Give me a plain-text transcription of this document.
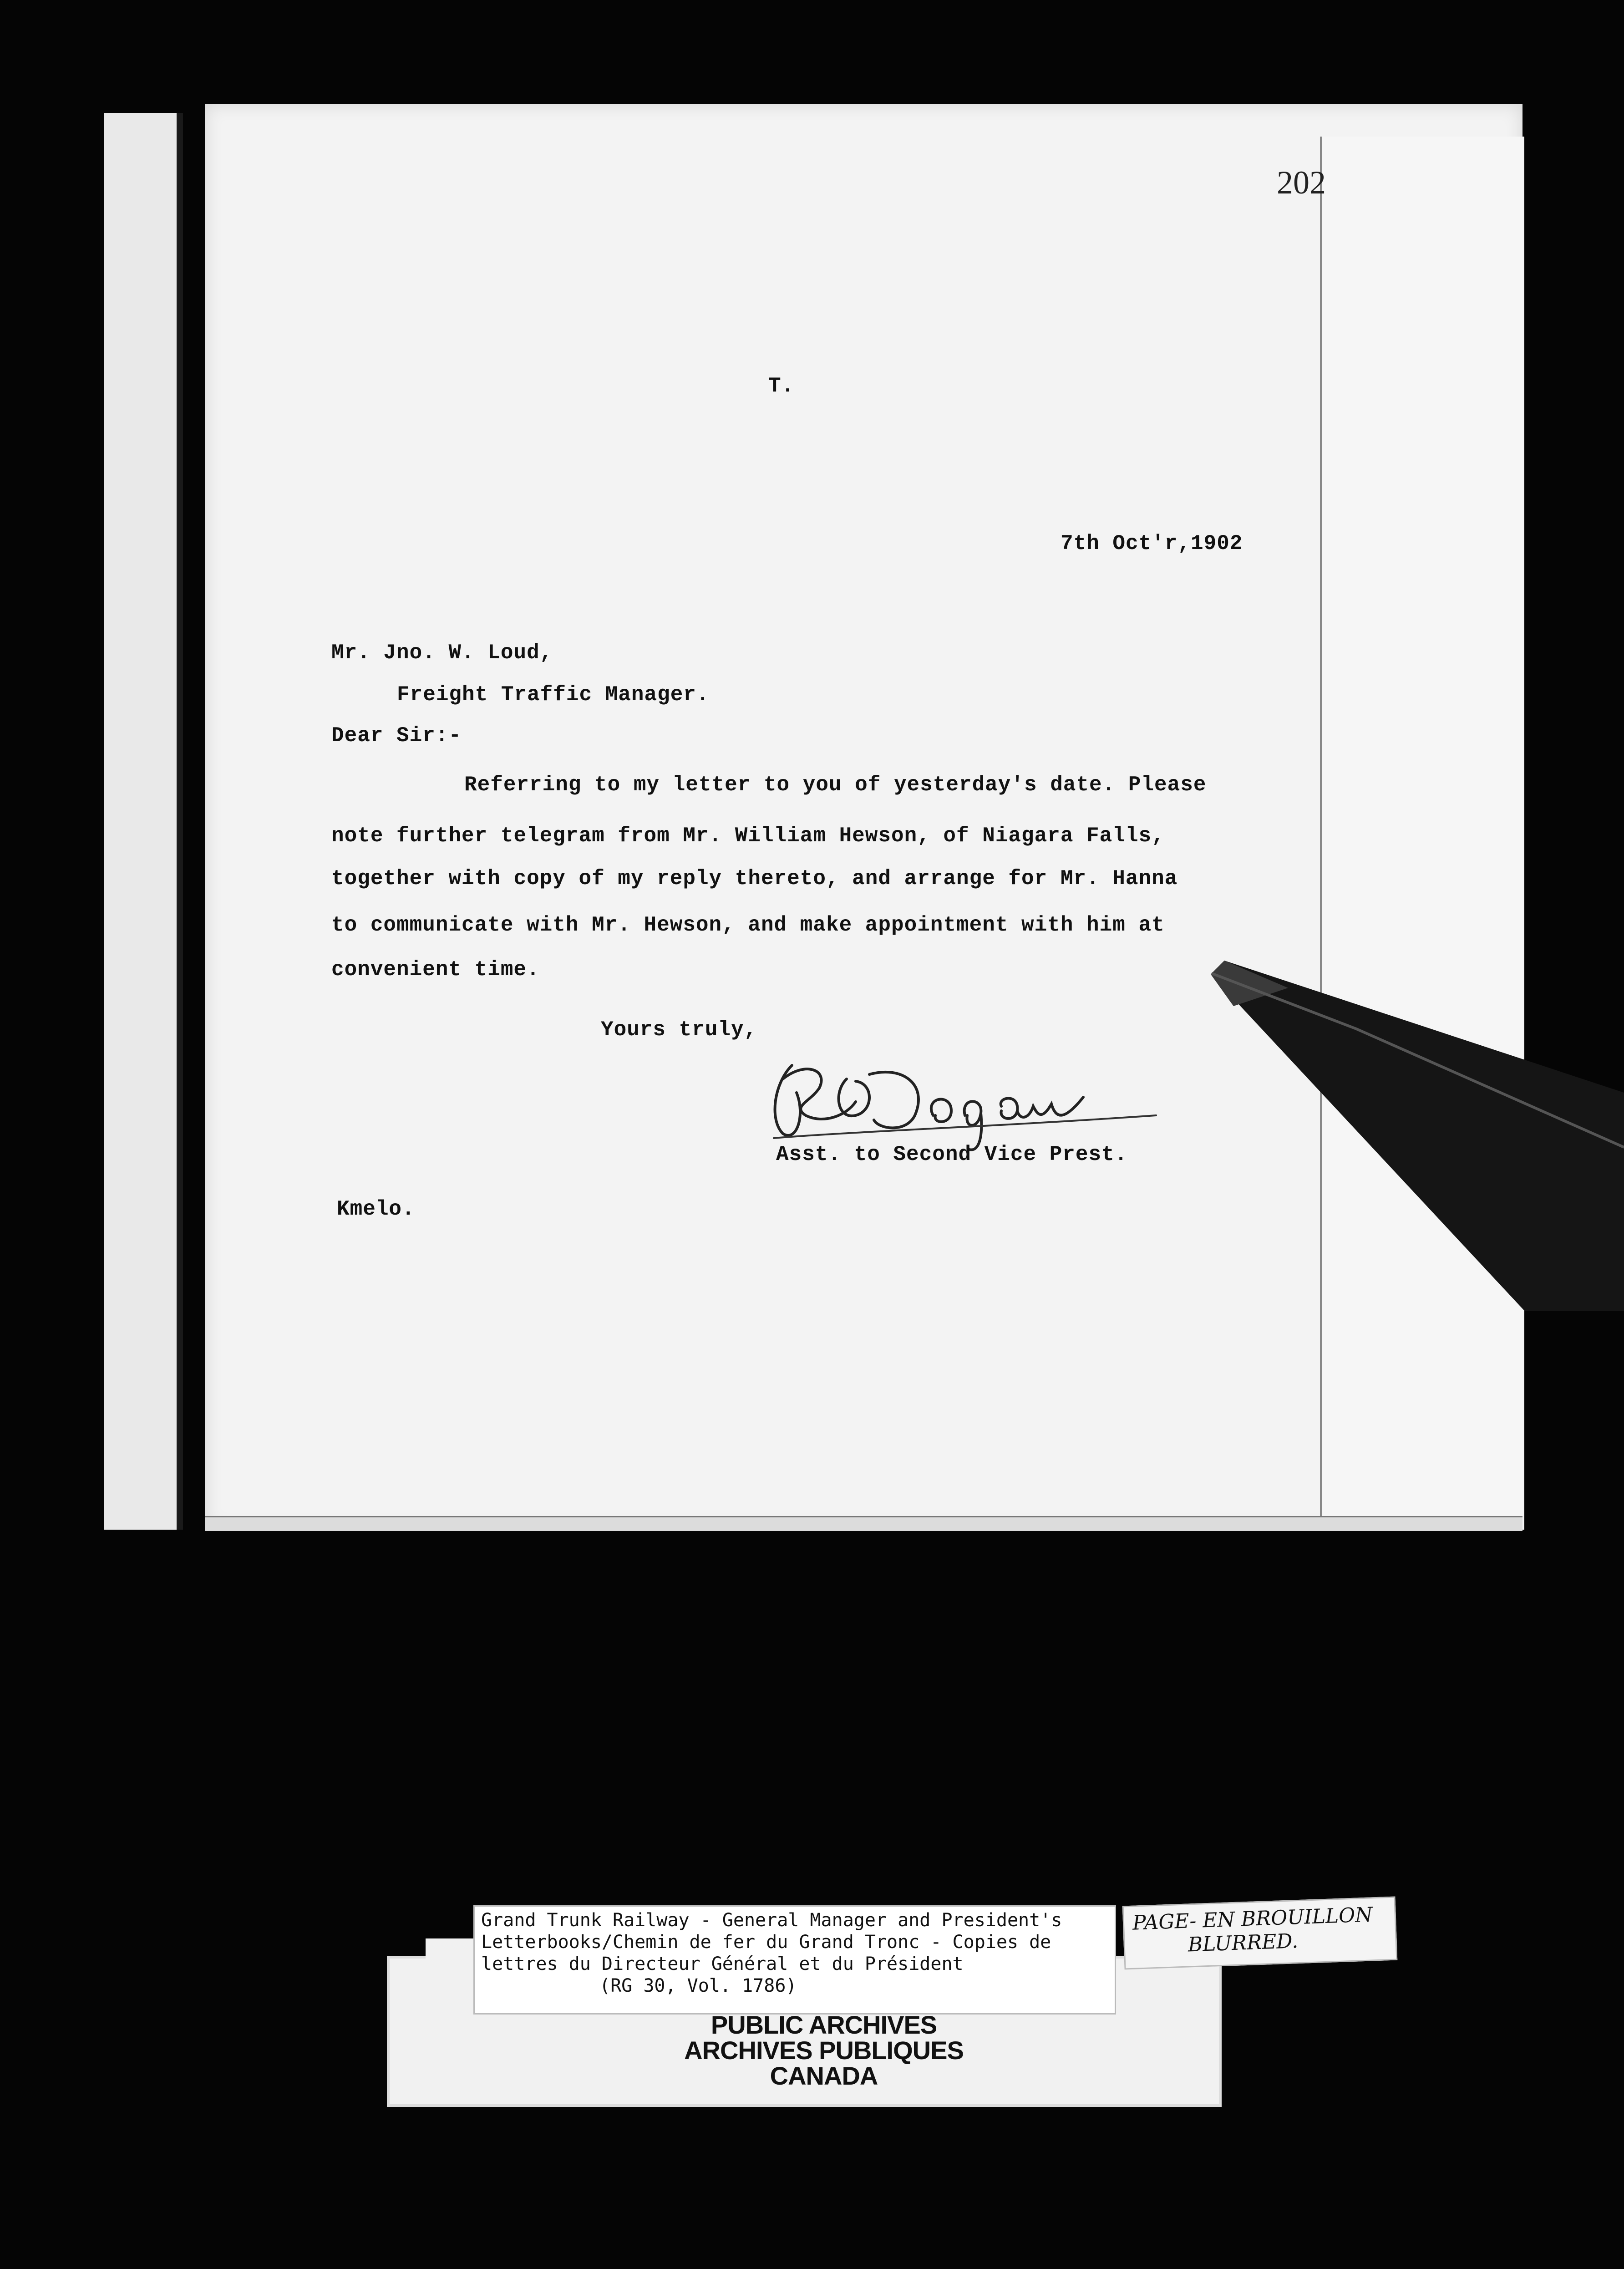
202
T.
7th Oct'r,1902
Mr. Jno. W. Loud,
Freight Traffic Manager.
Dear Sir:-
Referring to my letter to you of yesterday's date. Please
note further telegram from Mr. William Hewson, of Niagara Falls,
together with copy of my reply thereto, and arrange for Mr. Hanna
to communicate with Mr. Hewson, and make appointment with him at
convenient time.
Yours truly,
Asst. to Second Vice Prest.
Kmelo.
Grand Trunk Railway - General Manager and President's
Letterbooks/Chemin de fer du Grand Tronc - Copies de
lettres du Directeur Général et du Président
(RG 30, Vol. 1786)
PUBLIC ARCHIVES
ARCHIVES PUBLIQUES
CANADA
PAGE- EN BROUILLON
BLURRED.
